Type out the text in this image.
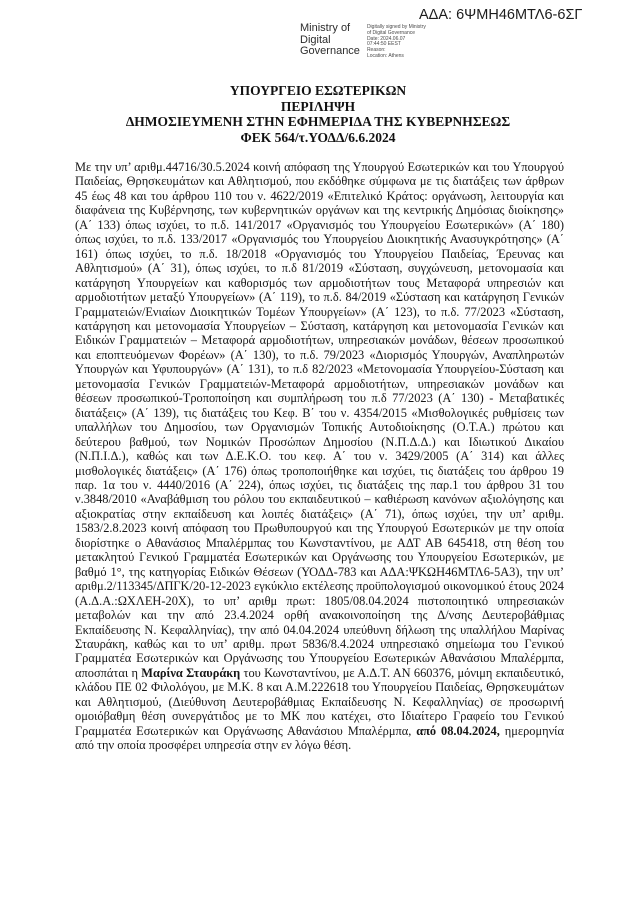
ΑΔΑ: 6ΨΜΗ46ΜΤΛ6-6ΣΓ
Ministry of
Digital
Governance
Digitally signed by Ministry
of Digital Governance
Date: 2024.06.07
07:44:50 EEST
Reason:
Location: Athens
ΥΠΟΥΡΓΕΙΟ ΕΣΩΤΕΡΙΚΩΝ
ΠΕΡΙΛΗΨΗ
ΔΗΜΟΣΙΕΥΜΕΝΗ ΣΤΗΝ ΕΦΗΜΕΡΙΔΑ ΤΗΣ ΚΥΒΕΡΝΗΣΕΩΣ
ΦΕΚ 564/τ.ΥΟΔΔ/6.6.2024
Με την υπ’ αριθμ.44716/30.5.2024 κοινή απόφαση της Υπουργού Εσωτερικών και του Υπουργού Παιδείας, Θρησκευμάτων και Αθλητισμού, που εκδόθηκε σύμφωνα με τις διατάξεις των άρθρων 45 έως 48 και του άρθρου 110 του ν. 4622/2019 «Επιτελικό Κράτος: οργάνωση, λειτουργία και διαφάνεια της Κυβέρνησης, των κυβερνητικών οργάνων και της κεντρικής Δημόσιας διοίκησης» (Α΄ 133) όπως ισχύει, το π.δ. 141/2017 «Οργανισμός του Υπουργείου Εσωτερικών» (Α΄ 180) όπως ισχύει, το π.δ. 133/2017 «Οργανισμός του Υπουργείου Διοικητικής Ανασυγκρότησης» (Α΄ 161) όπως ισχύει, το π.δ. 18/2018 «Οργανισμός του Υπουργείου Παιδείας, Έρευνας και Αθλητισμού» (Α΄ 31), όπως ισχύει, το π.δ 81/2019 «Σύσταση, συγχώνευση, μετονομασία και κατάργηση Υπουργείων και καθορισμός των αρμοδιοτήτων τους Μεταφορά υπηρεσιών και αρμοδιοτήτων μεταξύ Υπουργείων» (Α΄ 119), το π.δ. 84/2019 «Σύσταση και κατάργηση Γενικών Γραμματειών/Ενιαίων Διοικητικών Τομέων Υπουργείων» (Α΄ 123), το π.δ. 77/2023 «Σύσταση, κατάργηση και μετονομασία Υπουργείων – Σύσταση, κατάργηση και μετονομασία Γενικών και Ειδικών Γραμματειών – Μεταφορά αρμοδιοτήτων, υπηρεσιακών μονάδων, θέσεων προσωπικού και εποπτευόμενων Φορέων» (Α΄ 130), το π.δ. 79/2023 «Διορισμός Υπουργών, Αναπληρωτών Υπουργών και Υφυπουργών» (Α΄ 131), το π.δ 82/2023 «Μετονομασία Υπουργείου-Σύσταση και μετονομασία Γενικών Γραμματειών-Μεταφορά αρμοδιοτήτων, υπηρεσιακών μονάδων και θέσεων προσωπικού-Τροποποίηση και συμπλήρωση του π.δ 77/2023 (Α΄ 130) - Μεταβατικές διατάξεις» (Α΄ 139), τις διατάξεις του Κεφ. Β΄ του ν. 4354/2015 «Μισθολογικές ρυθμίσεις των υπαλλήλων του Δημοσίου, των Οργανισμών Τοπικής Αυτοδιοίκησης (Ο.Τ.Α.) πρώτου και δεύτερου βαθμού, των Νομικών Προσώπων Δημοσίου (Ν.Π.Δ.Δ.) και Ιδιωτικού Δικαίου (Ν.Π.Ι.Δ.), καθώς και των Δ.Ε.Κ.Ο. του κεφ. Α΄ του ν. 3429/2005 (Α΄ 314) και άλλες μισθολογικές διατάξεις» (Α΄ 176) όπως τροποποιήθηκε και ισχύει, τις διατάξεις του άρθρου 19 παρ. 1α του ν. 4440/2016 (Α΄ 224), όπως ισχύει, τις διατάξεις της παρ.1 του άρθρου 31 του ν.3848/2010 «Αναβάθμιση του ρόλου του εκπαιδευτικού – καθιέρωση κανόνων αξιολόγησης και αξιοκρατίας στην εκπαίδευση και λοιπές διατάξεις» (Α΄ 71), όπως ισχύει, την υπ’ αριθμ. 1583/2.8.2023 κοινή απόφαση του Πρωθυπουργού και της Υπουργού Εσωτερικών με την οποία διορίστηκε ο Αθανάσιος Μπαλέρμπας του Κωνσταντίνου, με ΑΔΤ ΑΒ 645418, στη θέση του μετακλητού Γενικού Γραμματέα Εσωτερικών και Οργάνωσης του Υπουργείου Εσωτερικών, με βαθμό 1°, της κατηγορίας Ειδικών Θέσεων (ΥΟΔΔ-783 και ΑΔΑ:ΨΚΩΗ46ΜΤΛ6-5Α3), την υπ’ αριθμ.2/113345/ΔΠΓΚ/20-12-2023 εγκύκλιο εκτέλεσης προϋπολογισμού οικονομικού έτους 2024 (Α.Δ.Α.:ΩΧΛΕΗ-20Χ), το υπ’ αριθμ πρωτ: 1805/08.04.2024 πιστοποιητικό υπηρεσιακών μεταβολών και την από 23.4.2024 ορθή ανακοινοποίηση της Δ/νσης Δευτεροβάθμιας Εκπαίδευσης Ν. Κεφαλληνίας), την από 04.04.2024 υπεύθυνη δήλωση της υπαλλήλου Μαρίνας Σταυράκη, καθώς και το υπ’ αριθμ. πρωτ 5836/8.4.2024 υπηρεσιακό σημείωμα του Γενικού Γραμματέα Εσωτερικών και Οργάνωσης του Υπουργείου Εσωτερικών Αθανάσιου Μπαλέρμπα, αποσπάται η Μαρίνα Σταυράκη του Κωνσταντίνου, με Α.Δ.Τ. ΑΝ 660376, μόνιμη εκπαιδευτικό, κλάδου ΠΕ 02 Φιλολόγου, με Μ.Κ. 8 και Α.Μ.222618 του Υπουργείου Παιδείας, Θρησκευμάτων και Αθλητισμού, (Διεύθυνση Δευτεροβάθμιας Εκπαίδευσης Ν. Κεφαλληνίας) σε προσωρινή ομοιόβαθμη θέση συνεργάτιδος με το ΜΚ που κατέχει, στο Ιδιαίτερο Γραφείο του Γενικού Γραμματέα Εσωτερικών και Οργάνωσης Αθανάσιου Μπαλέρμπα, από 08.04.2024, ημερομηνία από την οποία προσφέρει υπηρεσία στην εν λόγω θέση.
